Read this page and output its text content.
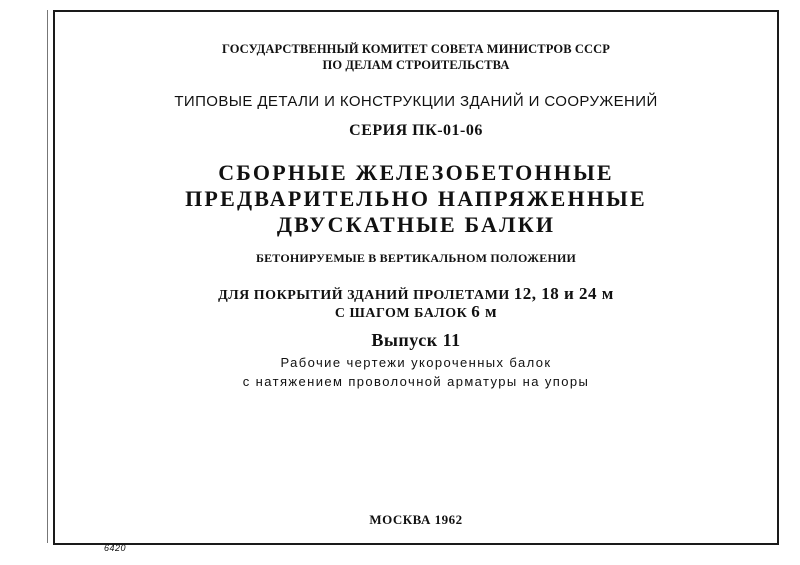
ГОСУДАРСТВЕННЫЙ КОМИТЕТ СОВЕТА МИНИСТРОВ СССР
ПО ДЕЛАМ СТРОИТЕЛЬСТВА
ТИПОВЫЕ ДЕТАЛИ И КОНСТРУКЦИИ ЗДАНИЙ И СООРУЖЕНИЙ
СЕРИЯ ПК-01-06
СБОРНЫЕ ЖЕЛЕЗОБЕТОННЫЕ
ПРЕДВАРИТЕЛЬНО НАПРЯЖЕННЫЕ
ДВУСКАТНЫЕ БАЛКИ
БЕТОНИРУЕМЫЕ В ВЕРТИКАЛЬНОМ ПОЛОЖЕНИИ
ДЛЯ ПОКРЫТИЙ ЗДАНИЙ ПРОЛЕТАМИ 12, 18 и 24 м
С ШАГОМ БАЛОК 6 м
Выпуск 11
Рабочие чертежи укороченных балок
с натяжением проволочной арматуры на упоры
МОСКВА 1962
6420
